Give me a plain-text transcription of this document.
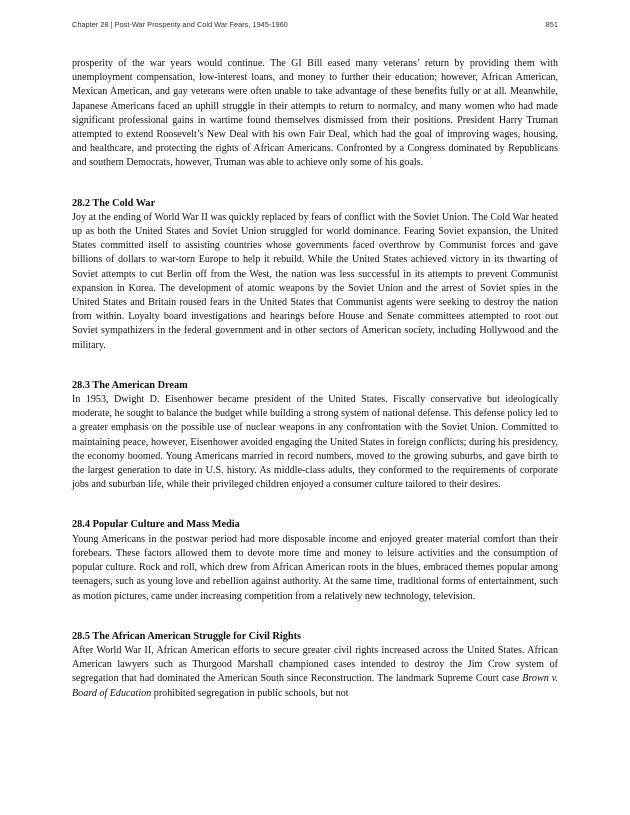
Chapter 28 | Post-War Prosperity and Cold War Fears, 1945-1960	851

prosperity of the war years would continue. The GI Bill eased many veterans’ return by providing them with unemployment compensation, low-interest loans, and money to further their education; however, African American, Mexican American, and gay veterans were often unable to take advantage of these benefits fully or at all. Meanwhile, Japanese Americans faced an uphill struggle in their attempts to return to normalcy, and many women who had made significant professional gains in wartime found themselves dismissed from their positions. President Harry Truman attempted to extend Roosevelt’s New Deal with his own Fair Deal, which had the goal of improving wages, housing, and healthcare, and protecting the rights of African Americans. Confronted by a Congress dominated by Republicans and southern Democrats, however, Truman was able to achieve only some of his goals.

28.2 The Cold War

Joy at the ending of World War II was quickly replaced by fears of conflict with the Soviet Union. The Cold War heated up as both the United States and Soviet Union struggled for world dominance. Fearing Soviet expansion, the United States committed itself to assisting countries whose governments faced overthrow by Communist forces and gave billions of dollars to war-torn Europe to help it rebuild. While the United States achieved victory in its thwarting of Soviet attempts to cut Berlin off from the West, the nation was less successful in its attempts to prevent Communist expansion in Korea. The development of atomic weapons by the Soviet Union and the arrest of Soviet spies in the United States and Britain roused fears in the United States that Communist agents were seeking to destroy the nation from within. Loyalty board investigations and hearings before House and Senate committees attempted to root out Soviet sympathizers in the federal government and in other sectors of American society, including Hollywood and the military.

28.3 The American Dream

In 1953, Dwight D. Eisenhower became president of the United States. Fiscally conservative but ideologically moderate, he sought to balance the budget while building a strong system of national defense. This defense policy led to a greater emphasis on the possible use of nuclear weapons in any confrontation with the Soviet Union. Committed to maintaining peace, however, Eisenhower avoided engaging the United States in foreign conflicts; during his presidency, the economy boomed. Young Americans married in record numbers, moved to the growing suburbs, and gave birth to the largest generation to date in U.S. history. As middle-class adults, they conformed to the requirements of corporate jobs and suburban life, while their privileged children enjoyed a consumer culture tailored to their desires.

28.4 Popular Culture and Mass Media

Young Americans in the postwar period had more disposable income and enjoyed greater material comfort than their forebears. These factors allowed them to devote more time and money to leisure activities and the consumption of popular culture. Rock and roll, which drew from African American roots in the blues, embraced themes popular among teenagers, such as young love and rebellion against authority. At the same time, traditional forms of entertainment, such as motion pictures, came under increasing competition from a relatively new technology, television.

28.5 The African American Struggle for Civil Rights

After World War II, African American efforts to secure greater civil rights increased across the United States. African American lawyers such as Thurgood Marshall championed cases intended to destroy the Jim Crow system of segregation that had dominated the American South since Reconstruction. The landmark Supreme Court case Brown v. Board of Education prohibited segregation in public schools, but not
